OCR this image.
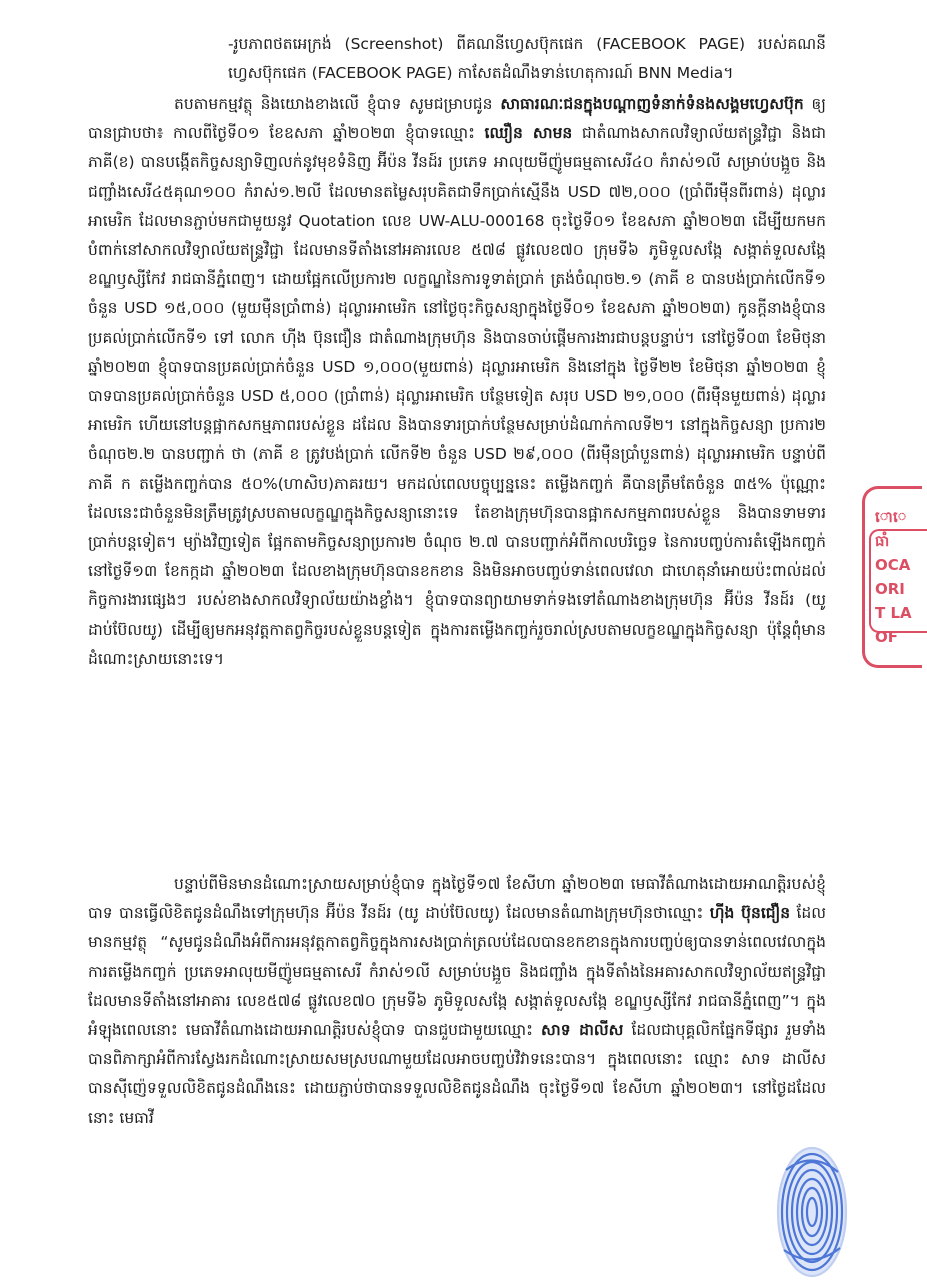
-រូបភាពថតអេក្រង់ (Screenshot) ពីគណនីហ្វេសប៊ុកផេក (FACEBOOK PAGE) របស់គណនីហ្វេសប៊ុកផេក (FACEBOOK PAGE) កាសែតដំណឹងទាន់ហេតុការណ៍ BNN Media។

តបតាមកម្មវត្ថុ និងយោងខាងលើ ខ្ញុំបាទ សូមជម្រាបជូន សាធារណៈជនក្នុងបណ្តាញទំនាក់ទំនងសង្គមហ្វេសប៊ុក ឲ្យបានជ្រាបថា៖ កាលពីថ្ងៃទី០១ ខែឧសភា ឆ្នាំ២០២៣ ខ្ញុំបាទឈ្មោះ ឈឿន សាមន ជាតំណាងសាកលវិទ្យាល័យឥន្ទ្រវិជ្ជា និងជាភាគី(ខ) បានបង្កើតកិច្ចសន្យាទិញលក់នូវមុខទំនិញ អ៊ីប៉ន វីនដ៍រ ប្រភេទ អាលុយមីញ៉ូមធម្មតាសេរី៤០ កំរាស់១លី សម្រាប់បង្អួច និងជញ្ជាំងសេរី៤៥គុណ១០០ កំរាស់១.២លី ដែលមានតម្លៃសរុបគិតជាទឹកប្រាក់ស្មើនឹង USD ៧២,០០០ (ប្រាំពីរម៉ឺនពីរពាន់) ដុល្លារអាមេរិក ដែលមានភ្ជាប់មកជាមួយនូវ Quotation លេខ UW-ALU-000168 ចុះថ្ងៃទី០១ ខែឧសភា ឆ្នាំ២០២៣ ដើម្បីយកមកបំពាក់នៅសាកលវិទ្យាល័យឥន្ទ្រវិជ្ជា ដែលមានទីតាំងនៅអគារលេខ ៥៧៨ ផ្លូវលេខ៧០ ក្រុមទី៦ ភូមិទួលសង្កែ សង្កាត់ទួលសង្កែ ខណ្ឌឫស្សីកែវ រាជធានីភ្នំពេញ។ ដោយផ្អែកលើប្រការ២ លក្ខណ្ឌនៃការទូទាត់ប្រាក់ ត្រង់ចំណុច២.១ (ភាគី ខ បានបង់ប្រាក់លើកទី១ ចំនួន USD ១៥,០០០ (មួយម៉ឺនប្រាំពាន់) ដុល្លារអាមេរិក នៅថ្ងៃចុះកិច្ចសន្យាក្នុងថ្ងៃទី០១ ខែឧសភា ឆ្នាំ២០២៣) កូនក្តីនាងខ្ញុំបានប្រគល់ប្រាក់លើកទី១ ទៅ លោក ហ៊ីង ប៊ុនជឿន ជាតំណាងក្រុមហ៊ុន និងបានចាប់ផ្តើមការងារជាបន្តបន្ទាប់។ នៅថ្ងៃទី០៣ ខែមិថុនា ឆ្នាំ២០២៣ ខ្ញុំបាទបានប្រគល់ប្រាក់ចំនួន USD ១,០០០(មួយពាន់) ដុល្លារអាមេរិក និងនៅក្នុង ថ្ងៃទី២២ ខែមិថុនា ឆ្នាំ២០២៣ ខ្ញុំបាទបានប្រគល់ប្រាក់ចំនួន USD ៥,០០០ (ប្រាំពាន់) ដុល្លារអាមេរិក បន្ថែមទៀត សរុប USD ២១,០០០ (ពីរម៉ឺនមួយពាន់) ដុល្លារអាមេរិក ហើយនៅបន្តផ្អាកសកម្មភាពរបស់ខ្លួន ដដែល និងបានទារប្រាក់បន្ថែមសម្រាប់ដំណាក់កាលទី២។ នៅក្នុងកិច្ចសន្យា ប្រការ២ ចំណុច២.២ បានបញ្ជាក់ ថា (ភាគី ខ ត្រូវបង់ប្រាក់ លើកទី២ ចំនួន USD ២៩,០០០ (ពីរម៉ឺនប្រាំបួនពាន់) ដុល្លារអាមេរិក បន្ទាប់ពីភាគី ក តម្លើងកញ្ចក់បាន ៥០%(ហាសិប)ភាគរយ។ មកដល់ពេលបច្ចុប្បន្ននេះ តម្លើងកញ្ចក់ គឺបានត្រឹមតែចំនួន ៣៥% ប៉ុណ្ណោះ ដែលនេះជាចំនួនមិនត្រឹមត្រូវស្របតាមលក្ខណ្ឌក្នុងកិច្ចសន្យានោះទេ តែខាងក្រុមហ៊ុនបានផ្អាកសកម្មភាពរបស់ខ្លួន និងបានទាមទារប្រាក់បន្តទៀត។ ម្យ៉ាងវិញទៀត ផ្អែកតាមកិច្ចសន្យាប្រការ២ ចំណុច ២.៧ បានបញ្ជាក់អំពីកាលបរិច្ឆេទ នៃការបញ្ចប់ការតំឡើងកញ្ចក់នៅថ្ងៃទី១៣ ខែកក្កដា ឆ្នាំ២០២៣ ដែលខាងក្រុមហ៊ុនបានខកខាន និងមិនអាចបញ្ចប់ទាន់ពេលវេលា ជាហេតុនាំអោយប៉ះពាល់ដល់កិច្ចការងារផ្សេងៗ របស់ខាងសាកលវិទ្យាល័យយ៉ាងខ្លាំង។ ខ្ញុំបាទបានព្យាយាមទាក់ទងទៅតំណាងខាងក្រុមហ៊ុន អ៊ីប៉ន វីនដ៍រ (យូ ដាប់ប៊ែលយូ) ដើម្បីឲ្យមកអនុវត្តកាតព្វកិច្ចរបស់ខ្លួនបន្តទៀត ក្នុងការតម្លើងកញ្ចក់រួចរាល់ស្របតាមលក្ខខណ្ឌក្នុងកិច្ចសន្យា ប៉ុន្តែពុំមានដំណោះស្រាយនោះទេ។

បន្ទាប់ពីមិនមានដំណោះស្រាយសម្រាប់ខ្ញុំបាទ ក្នុងថ្ងៃទី១៧ ខែសីហា ឆ្នាំ២០២៣ មេធាវីតំណាងដោយអាណត្តិរបស់ខ្ញុំបាទ បានធ្វើលិខិតជូនដំណឹងទៅក្រុមហ៊ុន អ៊ីប៉ន វីនដ៍រ (យូ ដាប់ប៊ែលយូ) ដែលមានតំណាងក្រុមហ៊ុនថាឈ្មោះ ហ៊ីង ប៊ុនជឿន ដែលមានកម្មវត្ថុ “សូមជូនដំណឹងអំពីការអនុវត្តកាតព្វកិច្ចក្នុងការសងប្រាក់ត្រលប់ដែលបានខកខានក្នុងការបញ្ចប់ឲ្យបានទាន់ពេលវេលាក្នុងការតម្លើងកញ្ចក់ ប្រភេទអាលុយមីញ៉ូមធម្មតាសេរី កំរាស់១លី សម្រាប់បង្អួច និងជញ្ជាំង ក្នុងទីតាំងនៃអគារសាកលវិទ្យាល័យឥន្ទ្រវិជ្ជា ដែលមានទីតាំងនៅអាគារ លេខ៥៧៨ ផ្លូវលេខ៧០ ក្រុមទី៦ ភូមិទួលសង្កែ សង្កាត់ទួលសង្កែ ខណ្ឌឫស្សីកែវ រាជធានីភ្នំពេញ”។ ក្នុងអំឡុងពេលនោះ មេធាវីតំណាងដោយអាណត្តិរបស់ខ្ញុំបាទ បានជួបជាមួយឈ្មោះ សាទ ដាលីស ដែលជាបុគ្គលិកផ្នែកទីផ្សារ រួមទាំងបានពិភាក្សាអំពីការស្វែងរកដំណោះស្រាយសមស្របណាមួយដែលអាចបញ្ចប់វិវាទនេះបាន។ ក្នុងពេលនោះ ឈ្មោះ សាទ ដាលីស បានស៊ីញ៉េទទួលលិខិតជូនដំណឹងនេះ ដោយភ្ជាប់ថាបានទទួលលិខិតជូនដំណឹង ចុះថ្ងៃទី១៧ ខែសីហា ឆ្នាំ២០២៣។ នៅថ្ងៃដដែលនោះ មេធាវី

ោេ
ធាំ
OCA
ORI
T LA
OF
